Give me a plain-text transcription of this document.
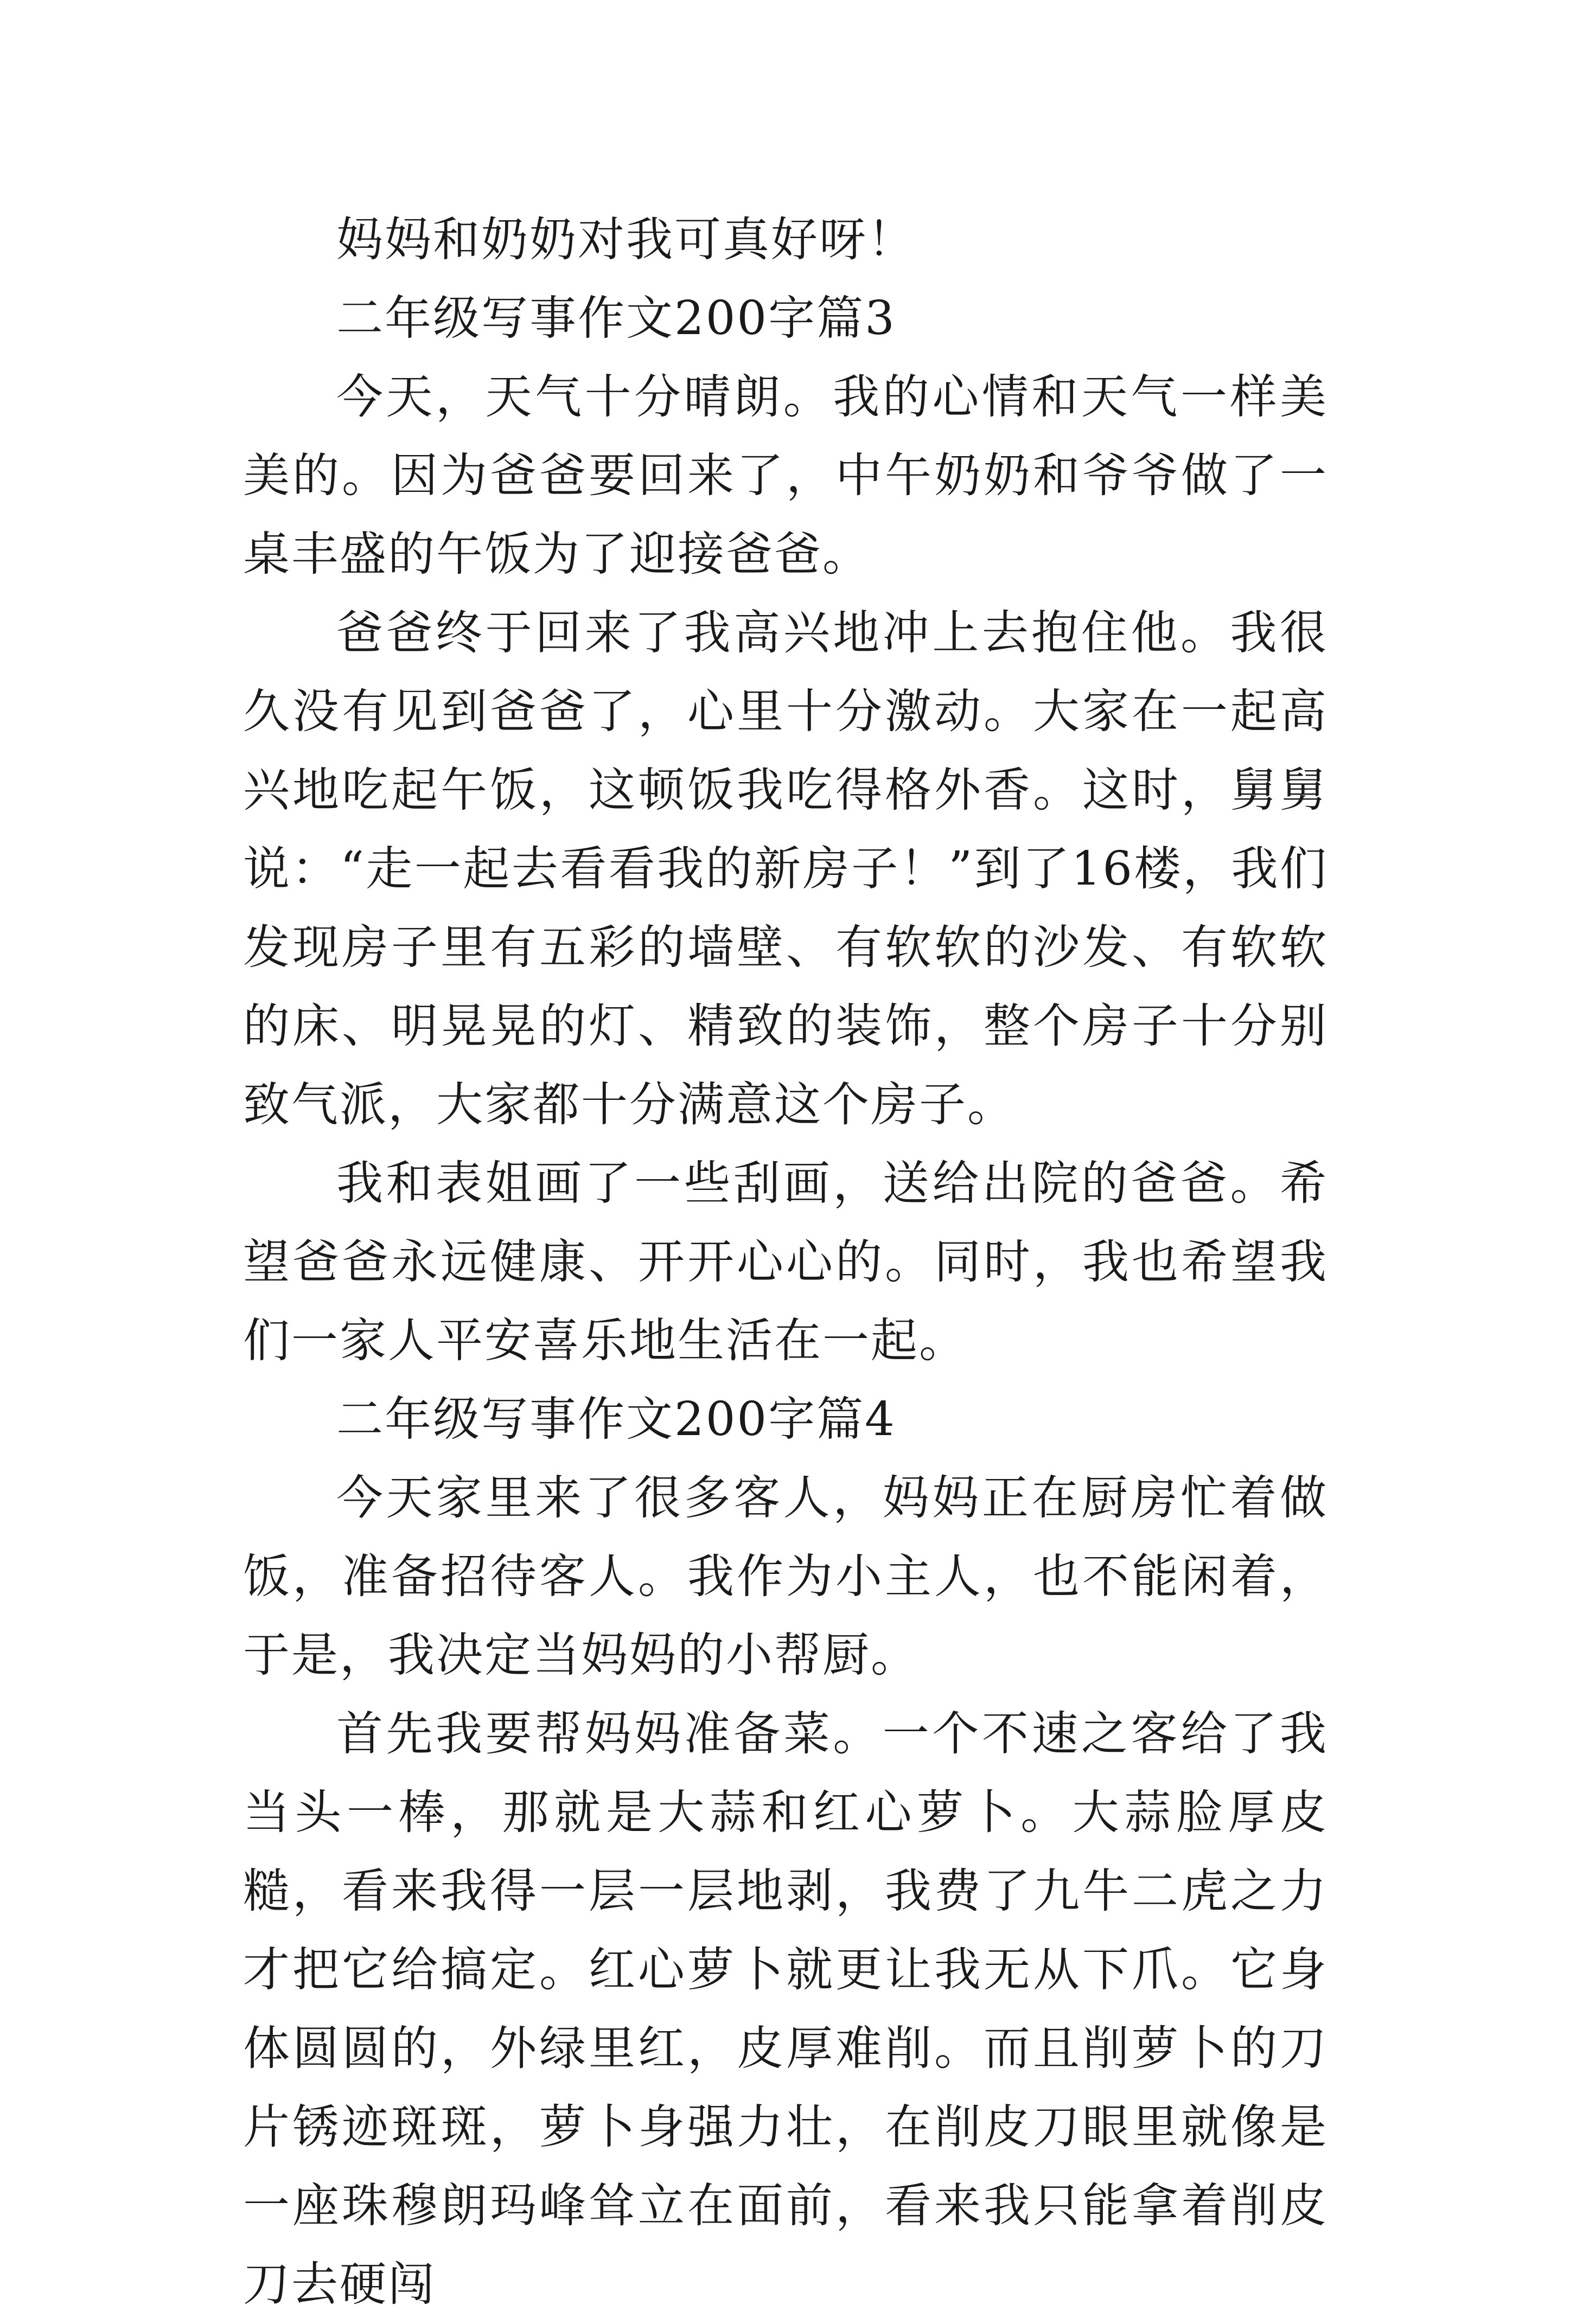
妈妈和奶奶对我可真好呀！

二年级写事作文200字篇3

今天，天气十分晴朗。我的心情和天气一样美美的。因为爸爸要回来了，中午奶奶和爷爷做了一桌丰盛的午饭为了迎接爸爸。

爸爸终于回来了我高兴地冲上去抱住他。我很久没有见到爸爸了，心里十分激动。大家在一起高兴地吃起午饭，这顿饭我吃得格外香。这时，舅舅说：“走一起去看看我的新房子！”到了16楼，我们发现房子里有五彩的墙壁、有软软的沙发、有软软的床、明晃晃的灯、精致的装饰，整个房子十分别致气派，大家都十分满意这个房子。

我和表姐画了一些刮画，送给出院的爸爸。希望爸爸永远健康、开开心心的。同时，我也希望我们一家人平安喜乐地生活在一起。

二年级写事作文200字篇4

今天家里来了很多客人，妈妈正在厨房忙着做饭，准备招待客人。我作为小主人，也不能闲着，于是，我决定当妈妈的小帮厨。

首先我要帮妈妈准备菜。一个不速之客给了我当头一棒，那就是大蒜和红心萝卜。大蒜脸厚皮糙，看来我得一层一层地剥，我费了九牛二虎之力才把它给搞定。红心萝卜就更让我无从下爪。它身体圆圆的，外绿里红，皮厚难削。而且削萝卜的刀片锈迹斑斑，萝卜身强力壮，在削皮刀眼里就像是一座珠穆朗玛峰耸立在面前，看来我只能拿着削皮刀去硬闯
